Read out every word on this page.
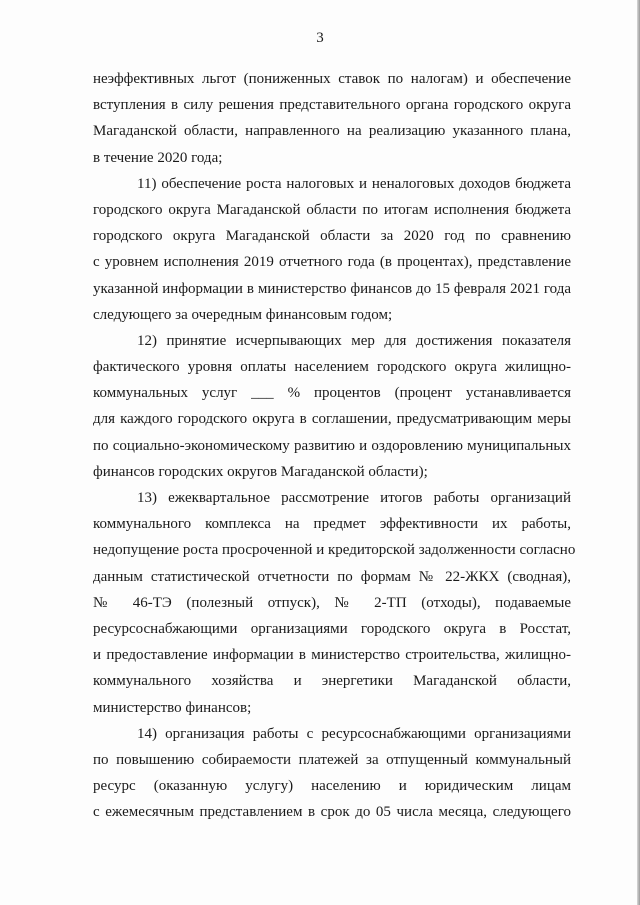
3
неэффективных льгот (пониженных ставок по налогам) и обеспечение
вступления в силу решения представительного органа городского округа
Магаданской области, направленного на реализацию указанного плана,
в течение 2020 года;
11) обеспечение роста налоговых и неналоговых доходов бюджета
городского округа Магаданской области по итогам исполнения бюджета
городского округа Магаданской области за 2020 год по сравнению
с уровнем исполнения 2019 отчетного года (в процентах), представление
указанной информации в министерство финансов до 15 февраля 2021 года
следующего за очередным финансовым годом;
12) принятие исчерпывающих мер для достижения показателя
фактического уровня оплаты населением городского округа жилищно-
коммунальных услуг ___ % процентов (процент устанавливается
для каждого городского округа в соглашении, предусматривающим меры
по социально-экономическому развитию и оздоровлению муниципальных
финансов городских округов Магаданской области);
13) ежеквартальное рассмотрение итогов работы организаций
коммунального комплекса на предмет эффективности их работы,
недопущение роста просроченной и кредиторской задолженности согласно
данным статистической отчетности по формам № 22-ЖКХ (сводная),
№ 46-ТЭ (полезный отпуск), № 2-ТП (отходы), подаваемые
ресурсоснабжающими организациями городского округа в Росстат,
и предоставление информации в министерство строительства, жилищно-
коммунального хозяйства и энергетики Магаданской области,
министерство финансов;
14) организация работы с ресурсоснабжающими организациями
по повышению собираемости платежей за отпущенный коммунальный
ресурс (оказанную услугу) населению и юридическим лицам
с ежемесячным представлением в срок до 05 числа месяца, следующего
